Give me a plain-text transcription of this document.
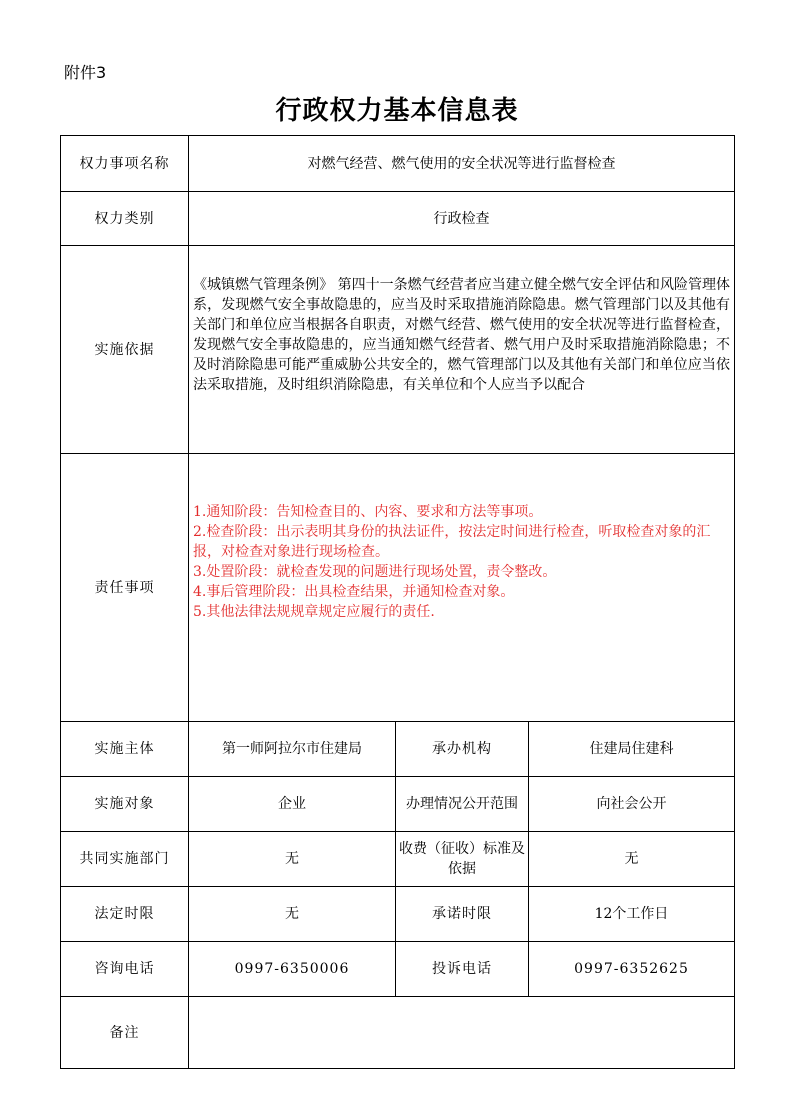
附件3
行政权力基本信息表
权力事项名称	对燃气经营、燃气使用的安全状况等进行监督检查		
权力类别	行政检查		
实施依据	《城镇燃气管理条例》 第四十一条燃气经营者应当建立健全燃气安全评估和风险管理体系，发现燃气安全事故隐患的，应当及时采取措施消除隐患。燃气管理部门以及其他有关部门和单位应当根据各自职责，对燃气经营、燃气使用的安全状况等进行监督检查，发现燃气安全事故隐患的，应当通知燃气经营者、燃气用户及时采取措施消除隐患；不及时消除隐患可能严重威胁公共安全的，燃气管理部门以及其他有关部门和单位应当依法采取措施，及时组织消除隐患，有关单位和个人应当予以配合		
责任事项	1.通知阶段：告知检查目的、内容、要求和方法等事项。
2.检查阶段：出示表明其身份的执法证件，按法定时间进行检查，听取检查对象的汇报，对检查对象进行现场检查。
3.处置阶段：就检查发现的问题进行现场处置，责令整改。
4.事后管理阶段：出具检查结果，并通知检查对象。
5.其他法律法规规章规定应履行的责任.		

实施主体	第一师阿拉尔市住建局	承办机构	住建局住建科
实施对象	企业	办理情况公开范围	向社会公开
共同实施部门	无	收费（征收）标准及依据	无
法定时限	无	承诺时限	12个工作日
咨询电话	0997-6350006	投诉电话	0997-6352625
备注			
